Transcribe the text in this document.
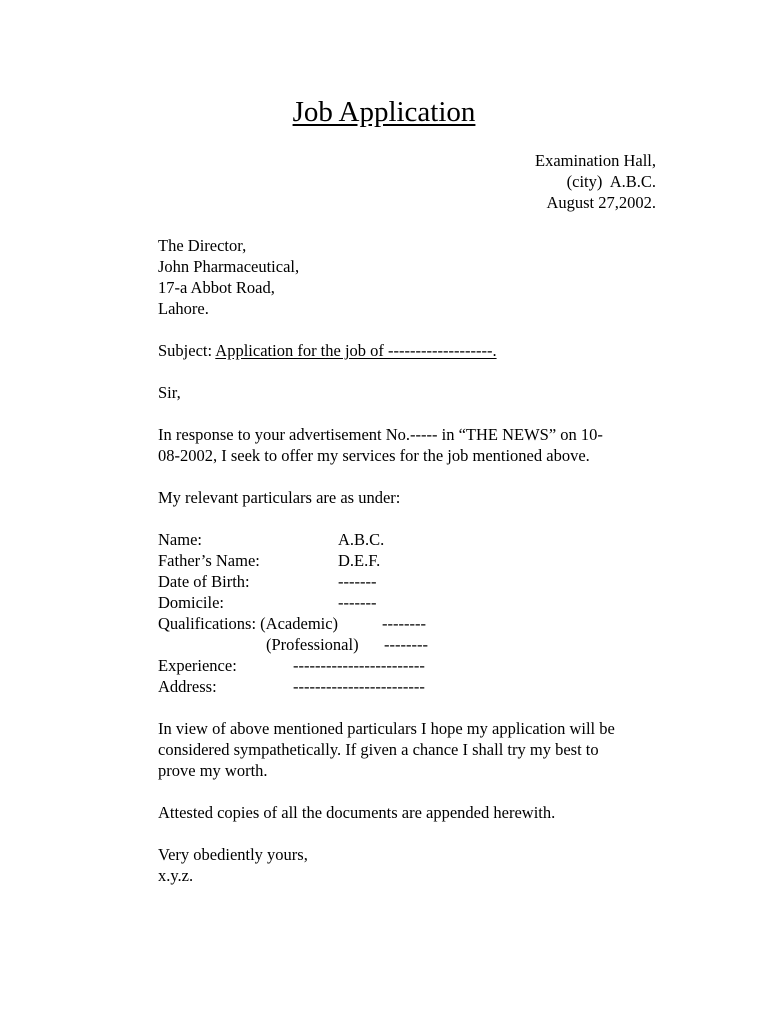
Job Application
Examination Hall,
(city)  A.B.C.
August 27,2002.
The Director,
John Pharmaceutical,
17-a Abbot Road,
Lahore.
Subject: Application for the job of -------------------.
Sir,
In response to your advertisement No.----- in “THE NEWS” on 10-
08-2002, I seek to offer my services for the job mentioned above.
My relevant particulars are as under:

Name:

	A.B.C.

Father’s Name:

	D.E.F.

Date of Birth:

	-------

Domicile:

	-------

Qualifications: (Academic)

	--------

(Professional)

--------

Experience:

	------------------------

Address:

	------------------------

In view of above mentioned particulars I hope my application will be
considered sympathetically. If given a chance I shall try my best to
prove my worth.
Attested copies of all the documents are appended herewith.
Very obediently yours,
x.y.z.
